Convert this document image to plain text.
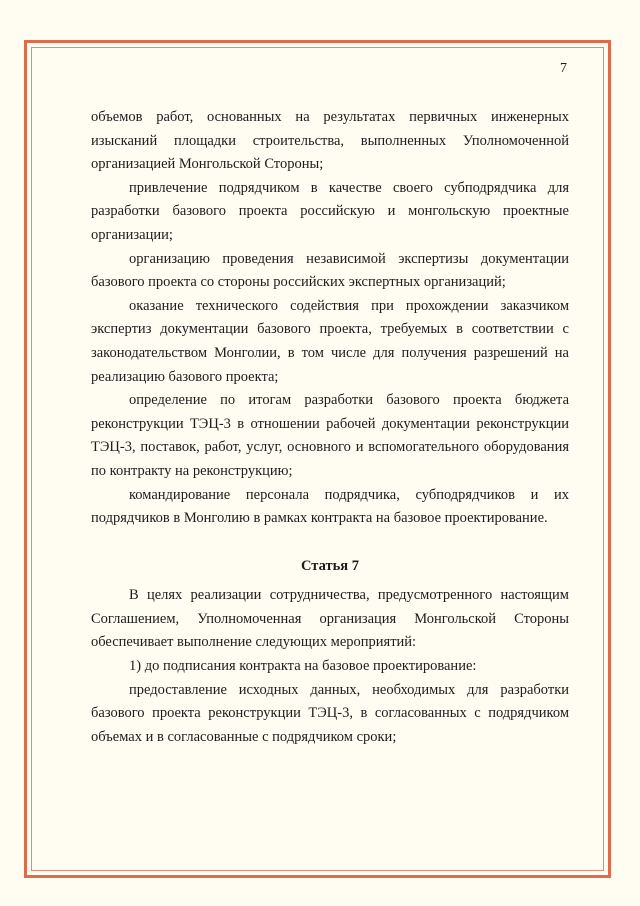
7

объемов работ, основанных на результатах первичных инженерных изысканий площадки строительства, выполненных Уполномоченной организацией Монгольской Стороны;

привлечение подрядчиком в качестве своего субподрядчика для разработки базового проекта российскую и монгольскую проектные организации;

организацию проведения независимой экспертизы документации базового проекта со стороны российских экспертных организаций;

оказание технического содействия при прохождении заказчиком экспертиз документации базового проекта, требуемых в соответствии с законодательством Монголии, в том числе для получения разрешений на реализацию базового проекта;

определение по итогам разработки базового проекта бюджета реконструкции ТЭЦ-3 в отношении рабочей документации реконструкции ТЭЦ-3, поставок, работ, услуг, основного и вспомогательного оборудования по контракту на реконструкцию;

командирование персонала подрядчика, субподрядчиков и их подрядчиков в Монголию в рамках контракта на базовое проектирование.

Статья 7

В целях реализации сотрудничества, предусмотренного настоящим Соглашением, Уполномоченная организация Монгольской Стороны обеспечивает выполнение следующих мероприятий:

1) до подписания контракта на базовое проектирование:

предоставление исходных данных, необходимых для разработки базового проекта реконструкции ТЭЦ-3, в согласованных с подрядчиком объемах и в согласованные с подрядчиком сроки;
